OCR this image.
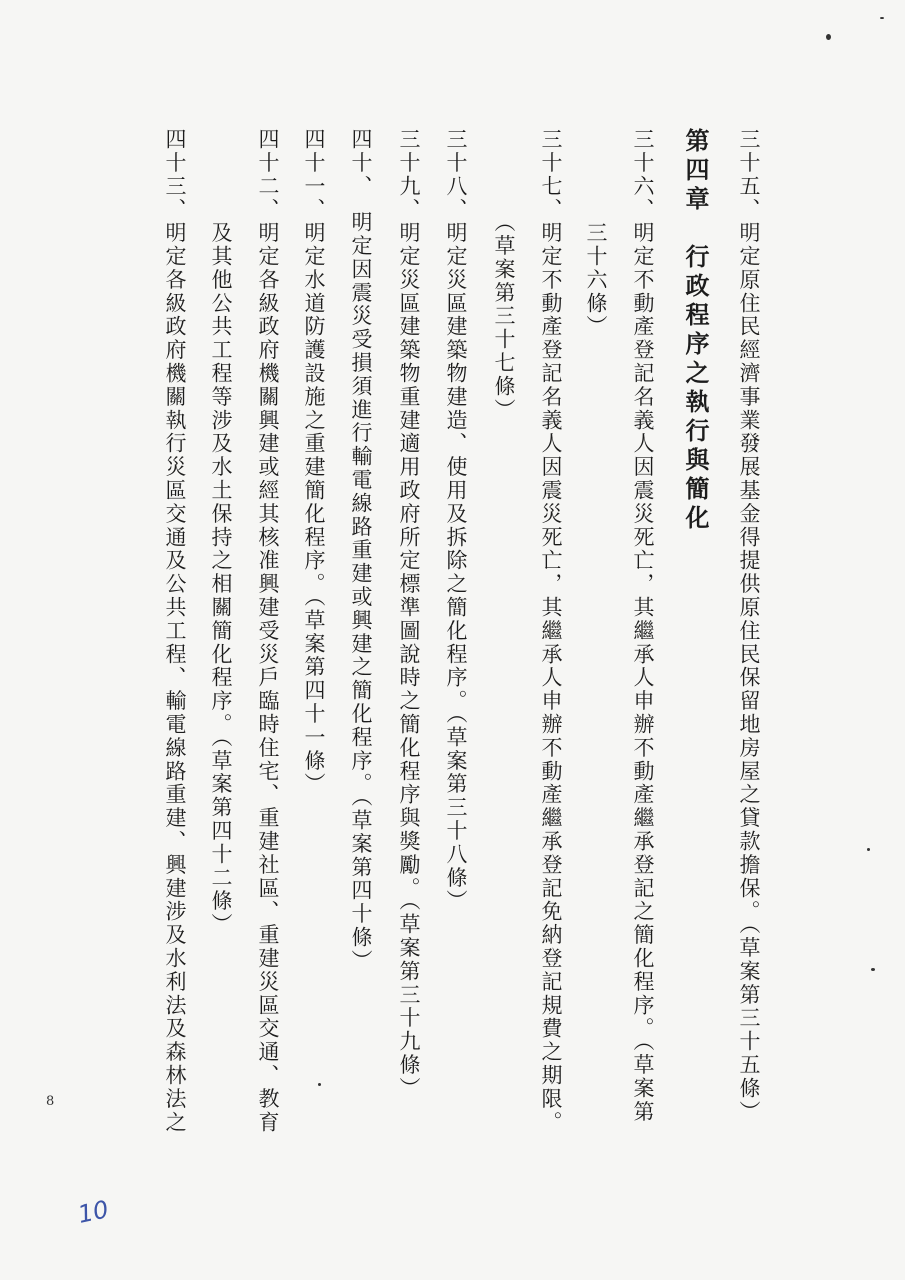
三十五、明定原住民經濟事業發展基金得提供原住民保留地房屋之貸款擔保。（草案第三十五條）
第四章　行政程序之執行與簡化
三十六、明定不動產登記名義人因震災死亡，其繼承人申辦不動產繼承登記之簡化程序。（草案第
　　　　三十六條）
三十七、明定不動產登記名義人因震災死亡，其繼承人申辦不動產繼承登記免納登記規費之期限。
　　　　（草案第三十七條）
三十八、明定災區建築物建造、使用及拆除之簡化程序。（草案第三十八條）
三十九、明定災區建築物重建適用政府所定標準圖說時之簡化程序與獎勵。（草案第三十九條）
四十、　明定因震災受損須進行輸電線路重建或興建之簡化程序。（草案第四十條）
四十一、明定水道防護設施之重建簡化程序。（草案第四十一條）
四十二、明定各級政府機關興建或經其核准興建受災戶臨時住宅、重建社區、重建災區交通、教育
　　　　及其他公共工程等涉及水土保持之相關簡化程序。（草案第四十二條）
四十三、明定各級政府機關執行災區交通及公共工程、輸電線路重建、興建涉及水利法及森林法之
8
10
